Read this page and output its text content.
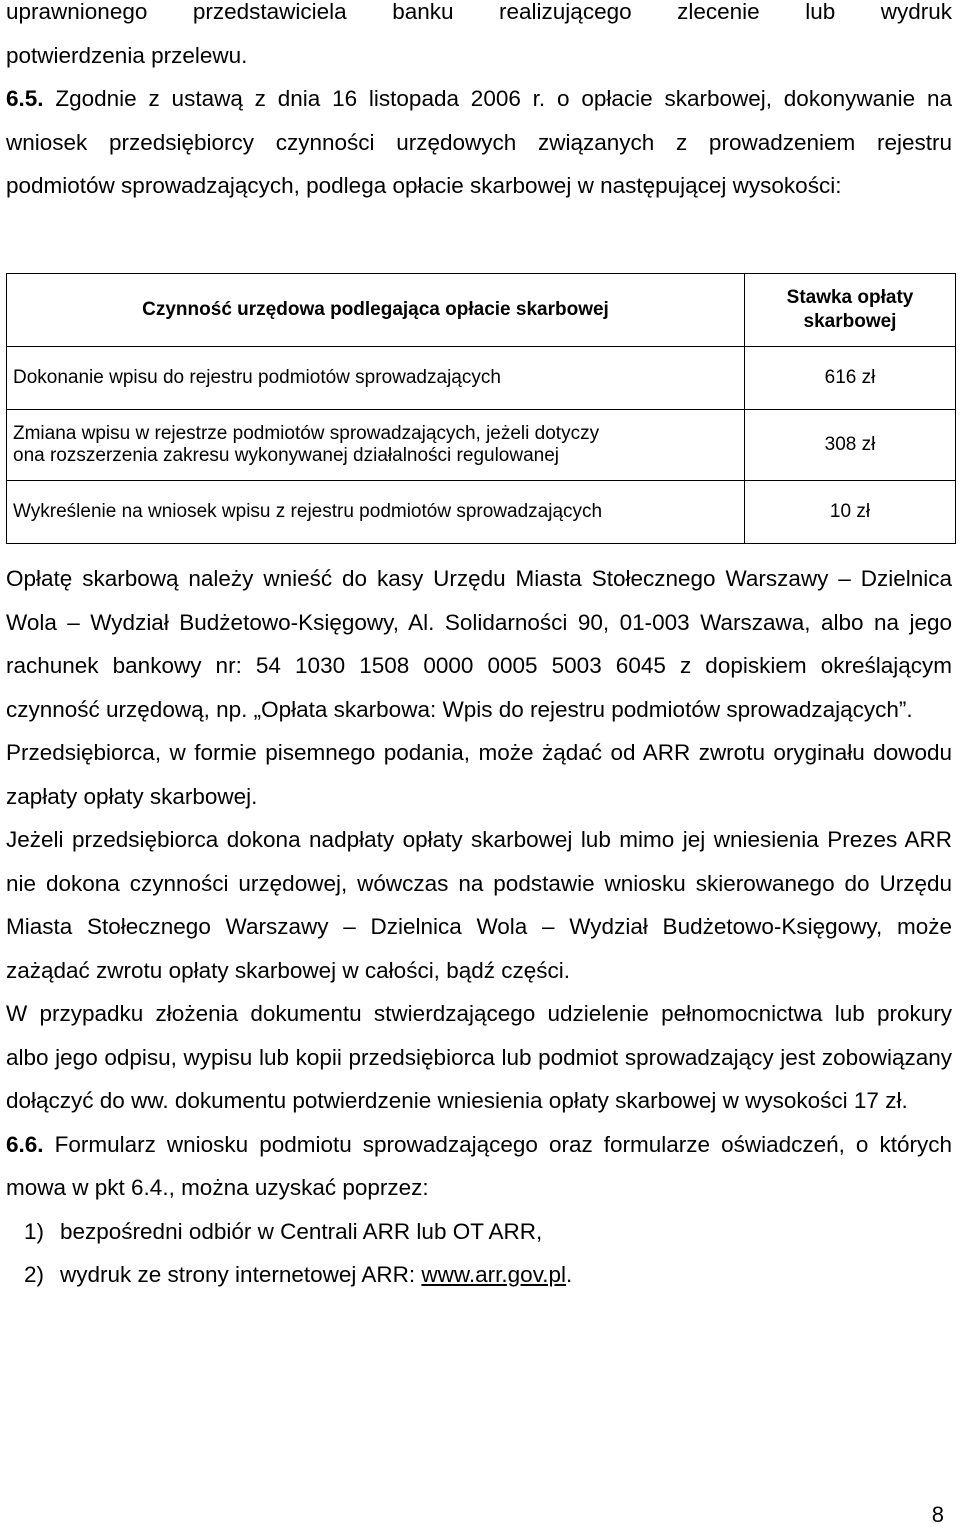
uprawnionego przedstawiciela banku realizującego zlecenie lub wydruk

potwierdzenia przelewu.

6.5. Zgodnie z ustawą z dnia 16 listopada 2006 r. o opłacie skarbowej, dokonywanie na wniosek przedsiębiorcy czynności urzędowych związanych z prowadzeniem rejestru podmiotów sprowadzających, podlega opłacie skarbowej w następującej wysokości:

Czynność urzędowa podlegająca opłacie skarbowej	Stawka opłaty
skarbowej
Dokonanie wpisu do rejestru podmiotów sprowadzających	616 zł
Zmiana wpisu w rejestrze podmiotów sprowadzających, jeżeli dotyczy
ona rozszerzenia zakresu wykonywanej działalności regulowanej	308 zł
Wykreślenie na wniosek wpisu z rejestru podmiotów sprowadzających	10 zł

Opłatę skarbową należy wnieść do kasy Urzędu Miasta Stołecznego Warszawy – Dzielnica Wola – Wydział Budżetowo-Księgowy, Al. Solidarności 90, 01-003 Warszawa, albo na jego rachunek bankowy nr: 54 1030 1508 0000 0005 5003 6045 z dopiskiem określającym czynność urzędową, np. „Opłata skarbowa: Wpis do rejestru podmiotów sprowadzających”.

Przedsiębiorca, w formie pisemnego podania, może żądać od ARR zwrotu oryginału dowodu zapłaty opłaty skarbowej.

Jeżeli przedsiębiorca dokona nadpłaty opłaty skarbowej lub mimo jej wniesienia Prezes ARR nie dokona czynności urzędowej, wówczas na podstawie wniosku skierowanego do Urzędu Miasta Stołecznego Warszawy – Dzielnica Wola – Wydział Budżetowo-Księgowy, może zażądać zwrotu opłaty skarbowej w całości, bądź części.

W przypadku złożenia dokumentu stwierdzającego udzielenie pełnomocnictwa lub prokury albo jego odpisu, wypisu lub kopii przedsiębiorca lub podmiot sprowadzający jest zobowiązany dołączyć do ww. dokumentu potwierdzenie wniesienia opłaty skarbowej w wysokości 17 zł.

6.6. Formularz wniosku podmiotu sprowadzającego oraz formularze oświadczeń, o których mowa w pkt 6.4., można uzyskać poprzez:

1) bezpośredni odbiór w Centrali ARR lub OT ARR,

2) wydruk ze strony internetowej ARR: www.arr.gov.pl.

8
